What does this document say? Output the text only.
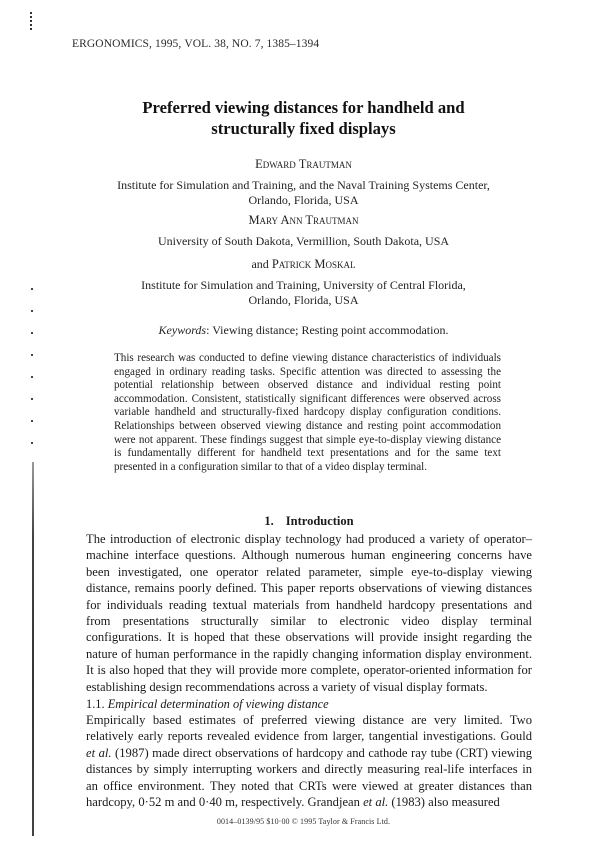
ERGONOMICS, 1995, VOL. 38, NO. 7, 1385–1394
Preferred viewing distances for handheld and
structurally fixed displays
Edward Trautman
Institute for Simulation and Training, and the Naval Training Systems Center,
Orlando, Florida, USA
Mary Ann Trautman
University of South Dakota, Vermillion, South Dakota, USA
and Patrick Moskal
Institute for Simulation and Training, University of Central Florida,
Orlando, Florida, USA
Keywords: Viewing distance; Resting point accommodation.

This research was conducted to define viewing distance characteristics of individuals engaged in ordinary reading tasks. Specific attention was directed to assessing the potential relationship between observed distance and individual resting point accommodation. Consistent, statistically significant differences were observed across variable handheld and structurally-fixed hardcopy display configuration conditions. Relationships between observed viewing distance and resting point accommodation were not apparent. These findings suggest that simple eye-to-display viewing distance is fundamentally different for handheld text presentations and for the same text presented in a configuration similar to that of a video display terminal.

1. Introduction

The introduction of electronic display technology had produced a variety of operator–machine interface questions. Although numerous human engineering concerns have been investigated, one operator related parameter, simple eye-to-display viewing distance, remains poorly defined. This paper reports observations of viewing distances for individuals reading textual materials from handheld hardcopy presentations and from presentations structurally similar to electronic video display terminal configurations. It is hoped that these observations will provide insight regarding the nature of human performance in the rapidly changing information display environment. It is also hoped that they will provide more complete, operator-oriented information for establishing design recommendations across a variety of visual display formats.

1.1. Empirical determination of viewing distance

Empirically based estimates of preferred viewing distance are very limited. Two relatively early reports revealed evidence from larger, tangential investigations. Gould et al. (1987) made direct observations of hardcopy and cathode ray tube (CRT) viewing distances by simply interrupting workers and directly measuring real-life interfaces in an office environment. They noted that CRTs were viewed at greater distances than hardcopy, 0·52 m and 0·40 m, respectively. Grandjean et al. (1983) also measured

0014–0139/95 $10·00 © 1995 Taylor & Francis Ltd.
